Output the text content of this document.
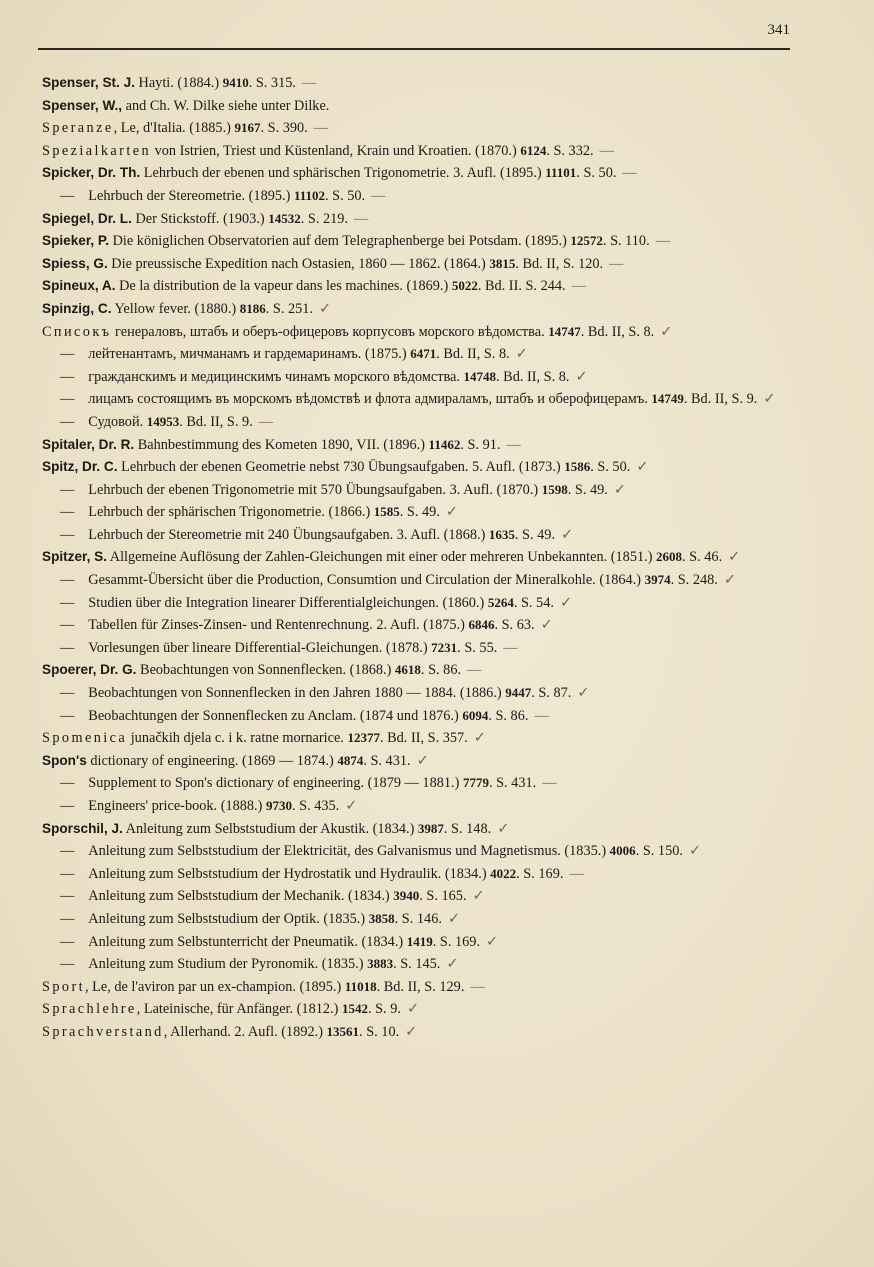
341
Spenser, St. J. Hayti. (1884.) 9410. S. 315. —
Spenser, W., and Ch. W. Dilke siehe unter Dilke.
Speranze, Le, d'Italia. (1885.) 9167. S. 390. —
Spezialkarten von Istrien, Triest und Küstenland, Krain und Kroatien. (1870.) 6124. S. 332. —
Spicker, Dr. Th. Lehrbuch der ebenen und sphärischen Trigonometrie. 3. Aufl. (1895.) 11101. S. 50. —
— Lehrbuch der Stereometrie. (1895.) 11102. S. 50. —
Spiegel, Dr. L. Der Stickstoff. (1903.) 14532. S. 219. —
Spieker, P. Die königlichen Observatorien auf dem Telegraphenberge bei Potsdam. (1895.) 12572. S. 110. —
Spiess, G. Die preussische Expedition nach Ostasien, 1860 — 1862. (1864.) 3815. Bd. II, S. 120. —
Spineux, A. De la distribution de la vapeur dans les machines. (1869.) 5022. Bd. II. S. 244. —
Spinzig, C. Yellow fever. (1880.) 8186. S. 251. ✓
Списокъ генераловъ, штабъ и оберъ-офицеровъ корпусовъ морского вѣдомства. 14747. Bd. II, S. 8. ✓
— лейтенантамъ, мичманамъ и гардемаринамъ. (1875.) 6471. Bd. II, S. 8. ✓
— гражданскимъ и медицинскимъ чинамъ морского вѣдомства. 14748. Bd. II, S. 8. ✓
— лицамъ состоящимъ въ морскомъ вѣдомствѣ и флота адмираламъ, штабъ и оберофицерамъ. 14749. Bd. II, S. 9. ✓
— Судовой. 14953. Bd. II, S. 9. —
Spitaler, Dr. R. Bahnbestimmung des Kometen 1890, VII. (1896.) 11462. S. 91. —
Spitz, Dr. C. Lehrbuch der ebenen Geometrie nebst 730 Übungsaufgaben. 5. Aufl. (1873.) 1586. S. 50. ✓
— Lehrbuch der ebenen Trigonometrie mit 570 Übungsaufgaben. 3. Aufl. (1870.) 1598. S. 49. ✓
— Lehrbuch der sphärischen Trigonometrie. (1866.) 1585. S. 49. ✓
— Lehrbuch der Stereometrie mit 240 Übungsaufgaben. 3. Aufl. (1868.) 1635. S. 49. ✓
Spitzer, S. Allgemeine Auflösung der Zahlen-Gleichungen mit einer oder mehreren Unbekannten. (1851.) 2608. S. 46. ✓
— Gesammt-Übersicht über die Production, Consumtion und Circulation der Mineralkohle. (1864.) 3974. S. 248. ✓
— Studien über die Integration linearer Differentialgleichungen. (1860.) 5264. S. 54. ✓
— Tabellen für Zinses-Zinsen- und Rentenrechnung. 2. Aufl. (1875.) 6846. S. 63. ✓
— Vorlesungen über lineare Differential-Gleichungen. (1878.) 7231. S. 55. —
Spoerer, Dr. G. Beobachtungen von Sonnenflecken. (1868.) 4618. S. 86. —
— Beobachtungen von Sonnenflecken in den Jahren 1880 — 1884. (1886.) 9447. S. 87. ✓
— Beobachtungen der Sonnenflecken zu Anclam. (1874 und 1876.) 6094. S. 86. —
Spomenica junačkih djela c. i k. ratne mornarice. 12377. Bd. II, S. 357. ✓
Spon's dictionary of engineering. (1869 — 1874.) 4874. S. 431. ✓
— Supplement to Spon's dictionary of engineering. (1879 — 1881.) 7779. S. 431. —
— Engineers' price-book. (1888.) 9730. S. 435. ✓
Sporschil, J. Anleitung zum Selbststudium der Akustik. (1834.) 3987. S. 148. ✓
— Anleitung zum Selbststudium der Elektricität, des Galvanismus und Magnetismus. (1835.) 4006. S. 150. ✓
— Anleitung zum Selbststudium der Hydrostatik und Hydraulik. (1834.) 4022. S. 169. —
— Anleitung zum Selbststudium der Mechanik. (1834.) 3940. S. 165. ✓
— Anleitung zum Selbststudium der Optik. (1835.) 3858. S. 146. ✓
— Anleitung zum Selbstunterricht der Pneumatik. (1834.) 1419. S. 169. ✓
— Anleitung zum Studium der Pyronomik. (1835.) 3883. S. 145. ✓
Sport, Le, de l'aviron par un ex-champion. (1895.) 11018. Bd. II, S. 129. —
Sprachlehre, Lateinische, für Anfänger. (1812.) 1542. S. 9. ✓
Sprachverstand, Allerhand. 2. Aufl. (1892.) 13561. S. 10. ✓
